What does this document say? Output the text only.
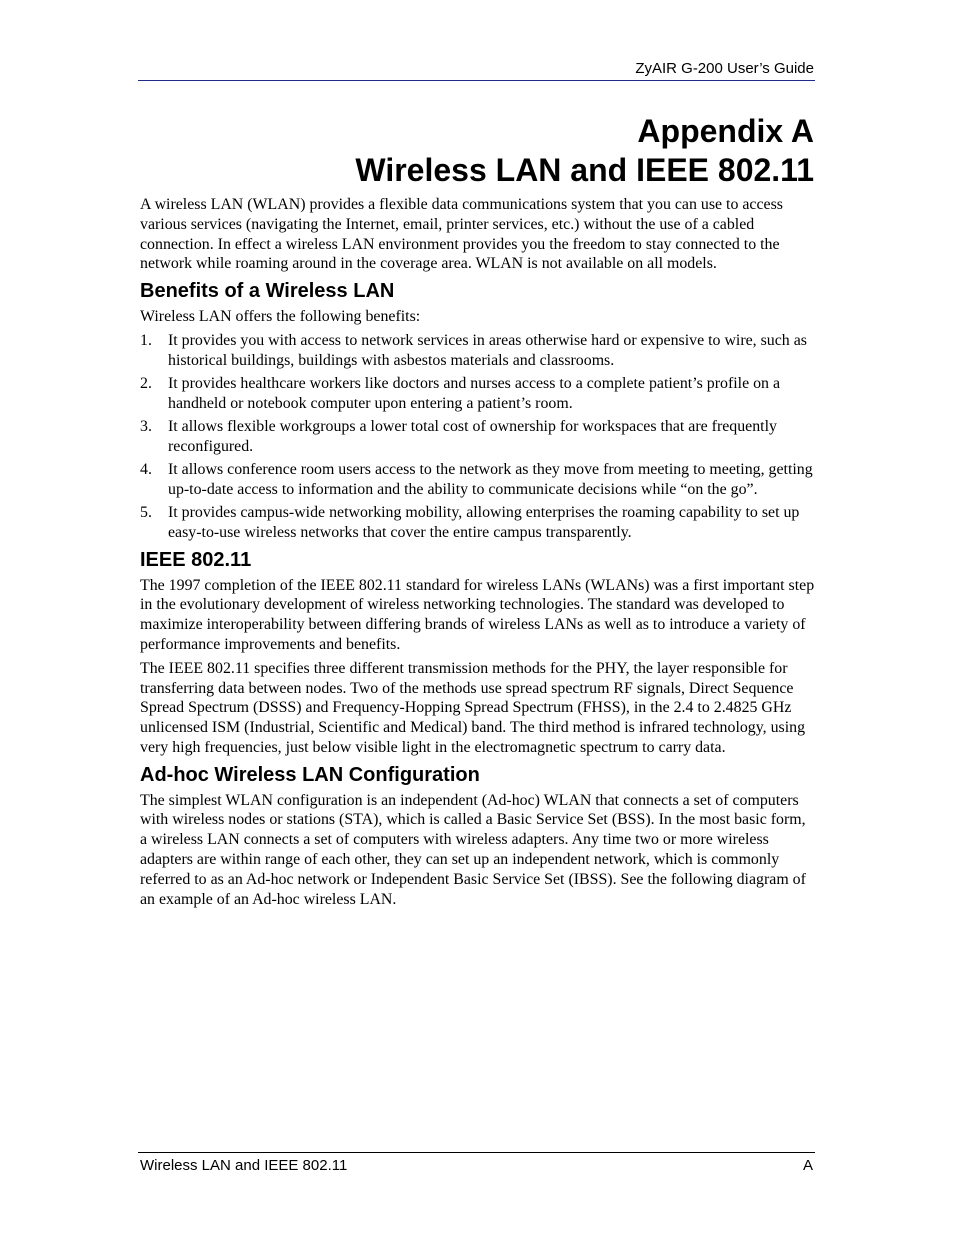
ZyAIR G-200 User’s Guide
Appendix A
Wireless LAN and IEEE 802.11

A wireless LAN (WLAN) provides a flexible data communications system that you can use to access various services (navigating the Internet, email, printer services, etc.) without the use of a cabled connection. In effect a wireless LAN environment provides you the freedom to stay connected to the network while roaming around in the coverage area. WLAN is not available on all models.

Benefits of a Wireless LAN

Wireless LAN offers the following benefits:

1. It provides you with access to network services in areas otherwise hard or expensive to wire, such as historical buildings, buildings with asbestos materials and classrooms.
2. It provides healthcare workers like doctors and nurses access to a complete patient’s profile on a handheld or notebook computer upon entering a patient’s room.
3. It allows flexible workgroups a lower total cost of ownership for workspaces that are frequently reconfigured.
4. It allows conference room users access to the network as they move from meeting to meeting, getting up-to-date access to information and the ability to communicate decisions while “on the go”.
5. It provides campus-wide networking mobility, allowing enterprises the roaming capability to set up easy-to-use wireless networks that cover the entire campus transparently.
IEEE 802.11

The 1997 completion of the IEEE 802.11 standard for wireless LANs (WLANs) was a first important step in the evolutionary development of wireless networking technologies. The standard was developed to maximize interoperability between differing brands of wireless LANs as well as to introduce a variety of performance improvements and benefits.

The IEEE 802.11 specifies three different transmission methods for the PHY, the layer responsible for transferring data between nodes. Two of the methods use spread spectrum RF signals, Direct Sequence Spread Spectrum (DSSS) and Frequency-Hopping Spread Spectrum (FHSS), in the 2.4 to 2.4825 GHz unlicensed ISM (Industrial, Scientific and Medical) band. The third method is infrared technology, using very high frequencies, just below visible light in the electromagnetic spectrum to carry data.

Ad-hoc Wireless LAN Configuration

The simplest WLAN configuration is an independent (Ad-hoc) WLAN that connects a set of computers with wireless nodes or stations (STA), which is called a Basic Service Set (BSS). In the most basic form, a wireless LAN connects a set of computers with wireless adapters. Any time two or more wireless adapters are within range of each other, they can set up an independent network, which is commonly referred to as an Ad-hoc network or Independent Basic Service Set (IBSS). See the following diagram of an example of an Ad-hoc wireless LAN.

Wireless LAN and IEEE 802.11	A
